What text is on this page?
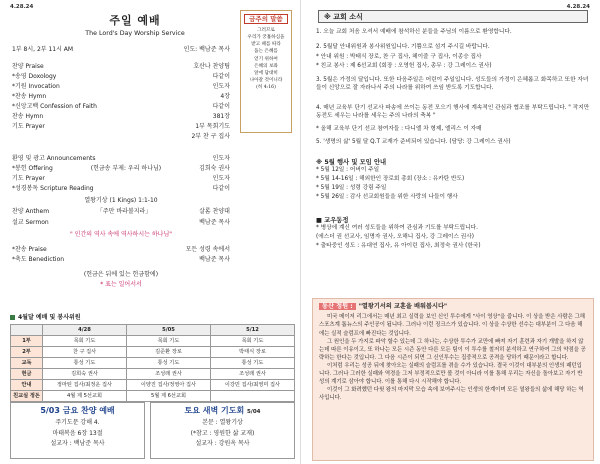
4.28.24
주일 예배
The Lord's Day Worship Service
1부 8시, 2부 11시 AM	인도: 백남준 목사
금주의 말씀
그러므로
우리가 궁휼하심을
받고 때를 따라
돕는 은혜를
얻기 위하여
은혜의 보좌
앞에 담대히
나아갈 것이니라
(히 4:16)
찬양 Praise	호산나 찬양팀
*송영 Doxology	다같이
*기원 Invocation	인도자
*찬송 Hymn	4장
*신앙고백 Confession of Faith	다같이
찬송 Hymn	381장
기도 Prayer	1부 목회기도
2부 찬 구 집사
환영 및 광고 Announcements	인도자
*봉헌 Offering	(헌금송 부제: 우리 하나님)	김희숙 권사
기도 Prayer	인도자
*성경봉독 Scripture Reading	다같이
열왕기상 (1 Kings) 1:1-10
찬양 Anthem	「주만 바라볼지라」	살롬 찬양대
설교 Sermon	백남준 목사
" 인간의 역사 속에 역사하시는 하나님"
*찬송 Praise	모든 성령 속에서
*축도 Benediction	백남준 목사
(헌금은 뒤에 있는 헌금함에)
* 표는 일어서서
4월달 예배 및 봉사위원
	4/28	5/05	5/12
1부	목회 기도	목회 기도	목회 기도
2부	찬 구 집사	김준환 장로	박태식 장로
교독	통성 기도	통성 기도	통성 기도
현금	김희숙 권사	조성래 권사	조성래 권사
안내	정마틴 집사/최정운 집사	이양진 집사/정영아 집사	이강민 집사/최영미 집사
친교실 정돈	4월 제 5선교회	5월 제 6선교회	
5/03 금요 찬양 예배
주기도문 강해 4.
마태복음 6장 13절
설교자 : 백남준 목사
토요 새벽 기도회 5/04
본문 : 열왕기상
(*참고 : 영원한 삶 교재)
설교자 : 강원옥 목사
4.28.24
※ 교회 소식
1. 오늘 교회 처음 오셔서 예배에 참석하신 분들을 주님의 이름으로 환영합니다.
2. 5월달 안내위원과 봉사위원입니다. 기쁨으로 섬겨 주시길 바랍니다.
* 안내 위원 : 박태식 장로, 찬 구 집사, 헤이즐 구 집사, 이종승 집사
* 친교 봉사 : 제 6선교회 (회장 : 오영헌 집사, 총무 : 강 그레이스 권사)
3. 5월은 가정의 달입니다. 또한 다음주일은 어린이 주일입니다. 성도들의 가정이 은혜롭고 화목하고 또한 자녀들이 신앙으로 잘 자라나서 주의 나라를 위하여 쓰임 받도록 기도합니다.
4. 매년 교육부 단기 선교사 파송에 쓰이는 동전 모으기 행사에 계속적인 관심과 협조를 부탁드립니다. " 작지만 동전도 세우는 나라를 세우는 주의 나라의 축복 "
* 올해 교육부 단기 선교 참여자들 : 다니엘 차 형제, 엘리스 이 자매
5. '생명의 삶' 5월 달 Q.T 교재가 준비되어 있습니다. (담당: 강 그레이스 권사)
※ 5월 행사 및 모임 안내
* 5월 12일 : 어버이 주일
* 5월 14-16일 : 해외한인 장로회 총회 (장소 : 유카탄 반도)
* 5월 19일 : 성령 강림 주일
* 5월 26일 : 감사 선교회원들을 위한 사랑의 나들이 행사
■ 교우동정
* 병상에 계신 여러 성도들을 위하여 관심과 기도를 부탁드립니다.
(에스더 권 선교사, 임명자 권사, 오해니 집사, 강 그레이스 권사)
* 출타중인 성도 : 유대연 집사, 유 아이린 집사, 최정숙 권사 (한국)
동산 정원 : "열왕기서의 교훈을 배워봅시다"
미국 메이저 리그에서는 매년 최고 실력을 보인 신인 투수에게 "사이 영상"을 줍니다. 이 상을 받은 사람은 그해 스포츠계 톱뉴스의 주인공이 됩니다. 그러나 이런 징크스가 있습니다. 이 상을 수상한 선수는 대부분이 그 다음 해에는 실적 슬럼프에 빠진다는 것입니다.
그 원인을 두 가지로 파악 할수 있는데 그 하나는, 수상한 투수가 교만에 빠져 자기 훈련과 자기 개발을 하지 않는데 따른 이유이고, 또 하나는 모든 시즌 동안 다른 모든 팀이 이 투수를 철저히 분석하고 연구하여 그의 약점을 공략하는 한다는 것입니다. 그 다음 시즌이 되면 그 신인투수는 집중적으로 공격을 당하기 때문이라고 합니다.
이처럼 우리는 성공 뒤에 찾아오는 실패의 슬럼프를 겪을 수가 있습니다. 결국 이것이 대부분의 인생의 패턴입니다. 그러나 그러한 실패와 역경을 그저 부정적으로만 볼 것이 아니라 이를 통해 우리는 자신을 돌아보고 자기 반성의 계기로 삼아야 합니다. 이를 통해 다시 시작해야 합니다.
이것이 그 화려했던 다윗 왕의 마지막 모습 속에 보여주시는 인생의 한계이며 모든 열왕들의 삶에 해당 하는 역사입니다.
